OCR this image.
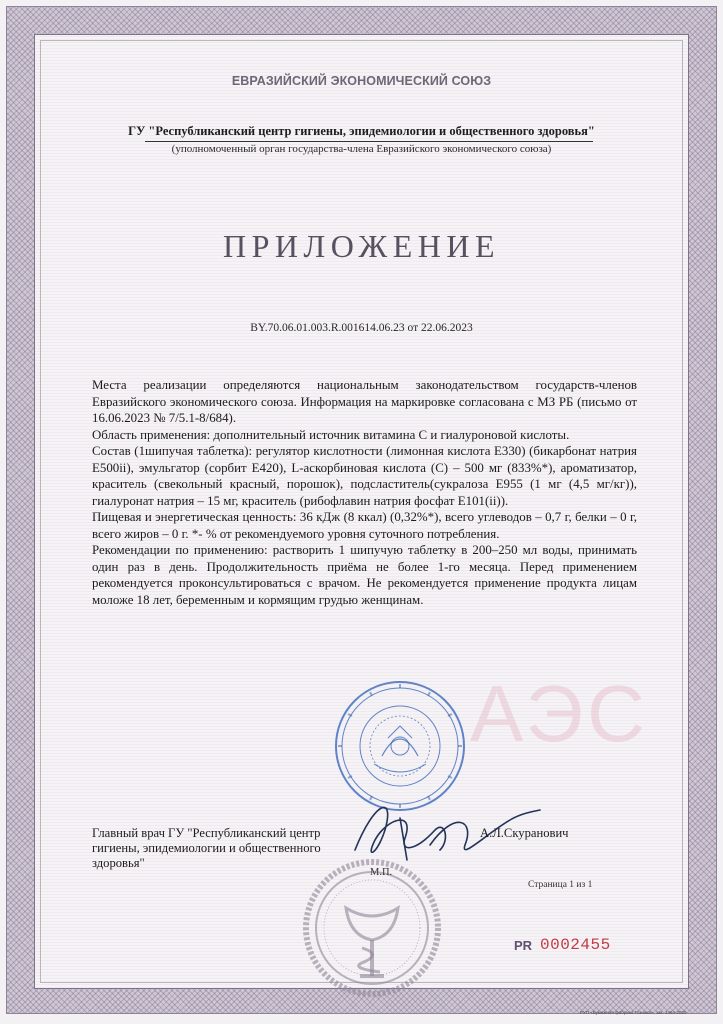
АЭС
ЕВРАЗИЙСКИЙ ЭКОНОМИЧЕСКИЙ СОЮЗ
ГУ "Республиканский центр гигиены, эпидемиологии и общественного здоровья"
(уполномоченный орган государства-члена Евразийского экономического союза)
ПРИЛОЖЕНИЕ
BY.70.06.01.003.R.001614.06.23 от 22.06.2023

Места реализации определяются национальным законодательством государств-членов Евразийского экономического союза. Информация на маркировке согласована с МЗ РБ (письмо от 16.06.2023 № 7/5.1-8/684).

Область применения: дополнительный источник витамина С и гиалуроновой кислоты.

Состав (1шипучая таблетка): регулятор кислотности (лимонная кислота Е330) (бикарбонат натрия Е500ii), эмульгатор (сорбит Е420), L-аскорбиновая кислота (С) – 500 мг (833%*), ароматизатор, краситель (свекольный красный, порошок), подсластитель(сукралоза Е955 (1 мг (4,5 мг/кг)), гиалуронат натрия – 15 мг, краситель (рибофлавин натрия фосфат Е101(ii)).

Пищевая и энергетическая ценность: 36 кДж (8 ккал) (0,32%*), всего углеводов – 0,7 г, белки – 0 г, всего жиров – 0 г. *- % от рекомендуемого уровня суточного потребления.

Рекомендации по применению: растворить 1 шипучую таблетку в 200–250 мл воды, принимать один раз в день. Продолжительность приёма не более 1-го месяца. Перед применением рекомендуется проконсультироваться с врачом. Не рекомендуется применение продукта лицам моложе 18 лет, беременным и кормящим грудью женщинам.

Главный врач ГУ "Республиканский центр гигиены, эпидемиологии и общественного здоровья"
А.Л.Скуранович
М.П.
Страница 1 из 1
PR 0002455
РУП «Бумажная фабрика Гознака», зак. 1484-2020
